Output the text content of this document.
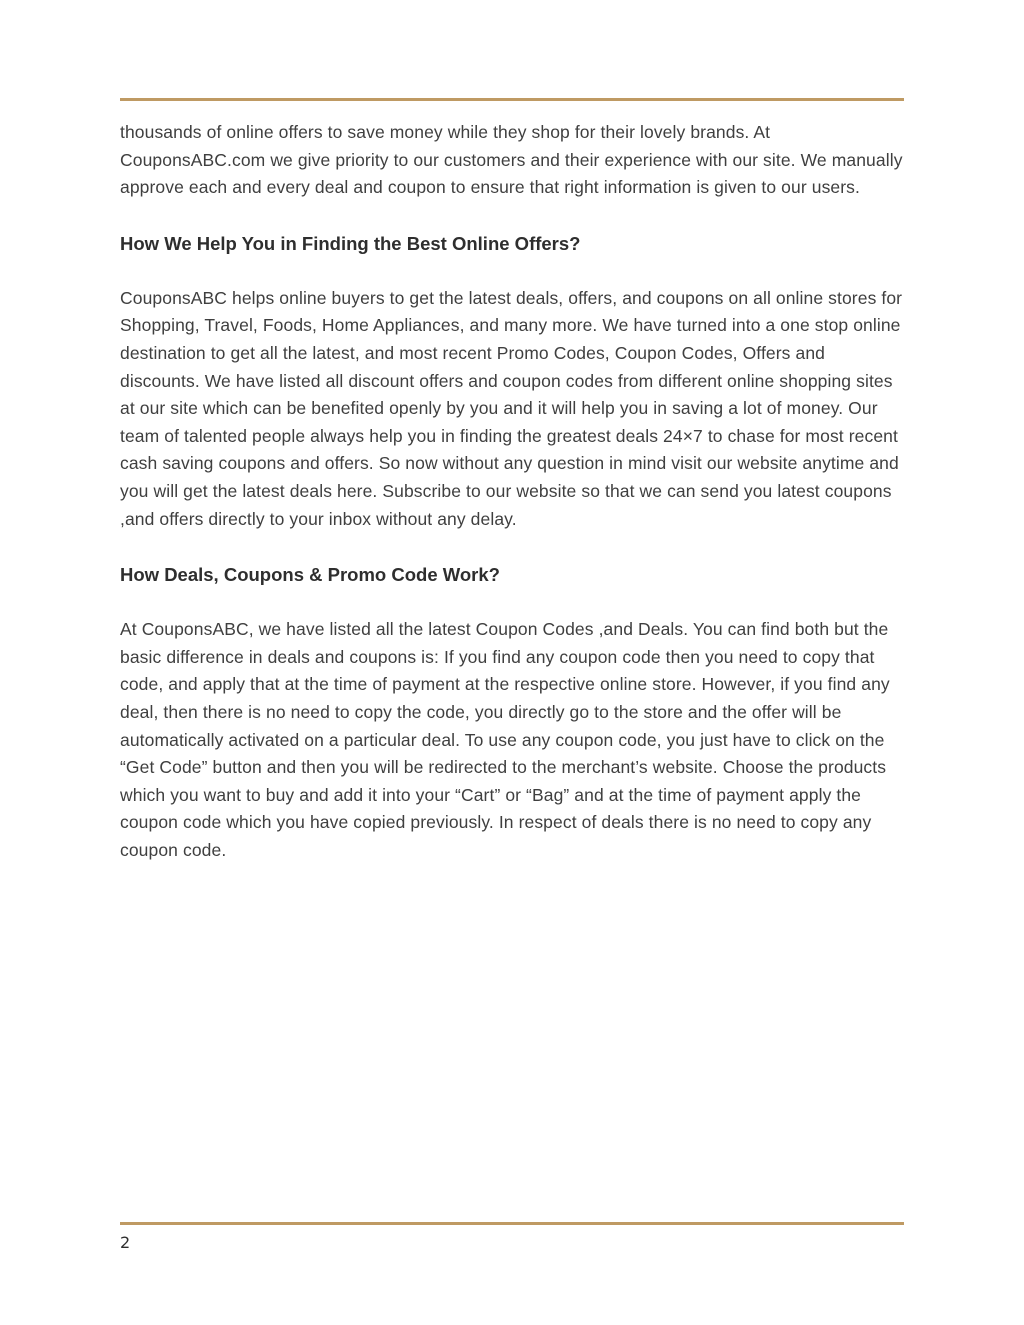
thousands of online offers to save money while they shop for their lovely brands. At CouponsABC.com we give priority to our customers and their experience with our site. We manually approve each and every deal and coupon to ensure that right information is given to our users.

How We Help You in Finding the Best Online Offers?

CouponsABC helps online buyers to get the latest deals, offers, and coupons on all online stores for Shopping, Travel, Foods, Home Appliances, and many more. We have turned into a one stop online destination to get all the latest, and most recent Promo Codes, Coupon Codes, Offers and discounts. We have listed all discount offers and coupon codes from different online shopping sites at our site which can be benefited openly by you and it will help you in saving a lot of money. Our team of talented people always help you in finding the greatest deals 24×7 to chase for most recent cash saving coupons and offers. So now without any question in mind visit our website anytime and you will get the latest deals here. Subscribe to our website so that we can send you latest coupons ,and offers directly to your inbox without any delay.

How Deals, Coupons & Promo Code Work?

At CouponsABC, we have listed all the latest Coupon Codes ,and Deals. You can find both but the basic difference in deals and coupons is: If you find any coupon code then you need to copy that code, and apply that at the time of payment at the respective online store. However, if you find any deal, then there is no need to copy the code, you directly go to the store and the offer will be automatically activated on a particular deal. To use any coupon code, you just have to click on the “Get Code” button and then you will be redirected to the merchant’s website. Choose the products which you want to buy and add it into your “Cart” or “Bag” and at the time of payment apply the coupon code which you have copied previously. In respect of deals there is no need to copy any coupon code.

2
